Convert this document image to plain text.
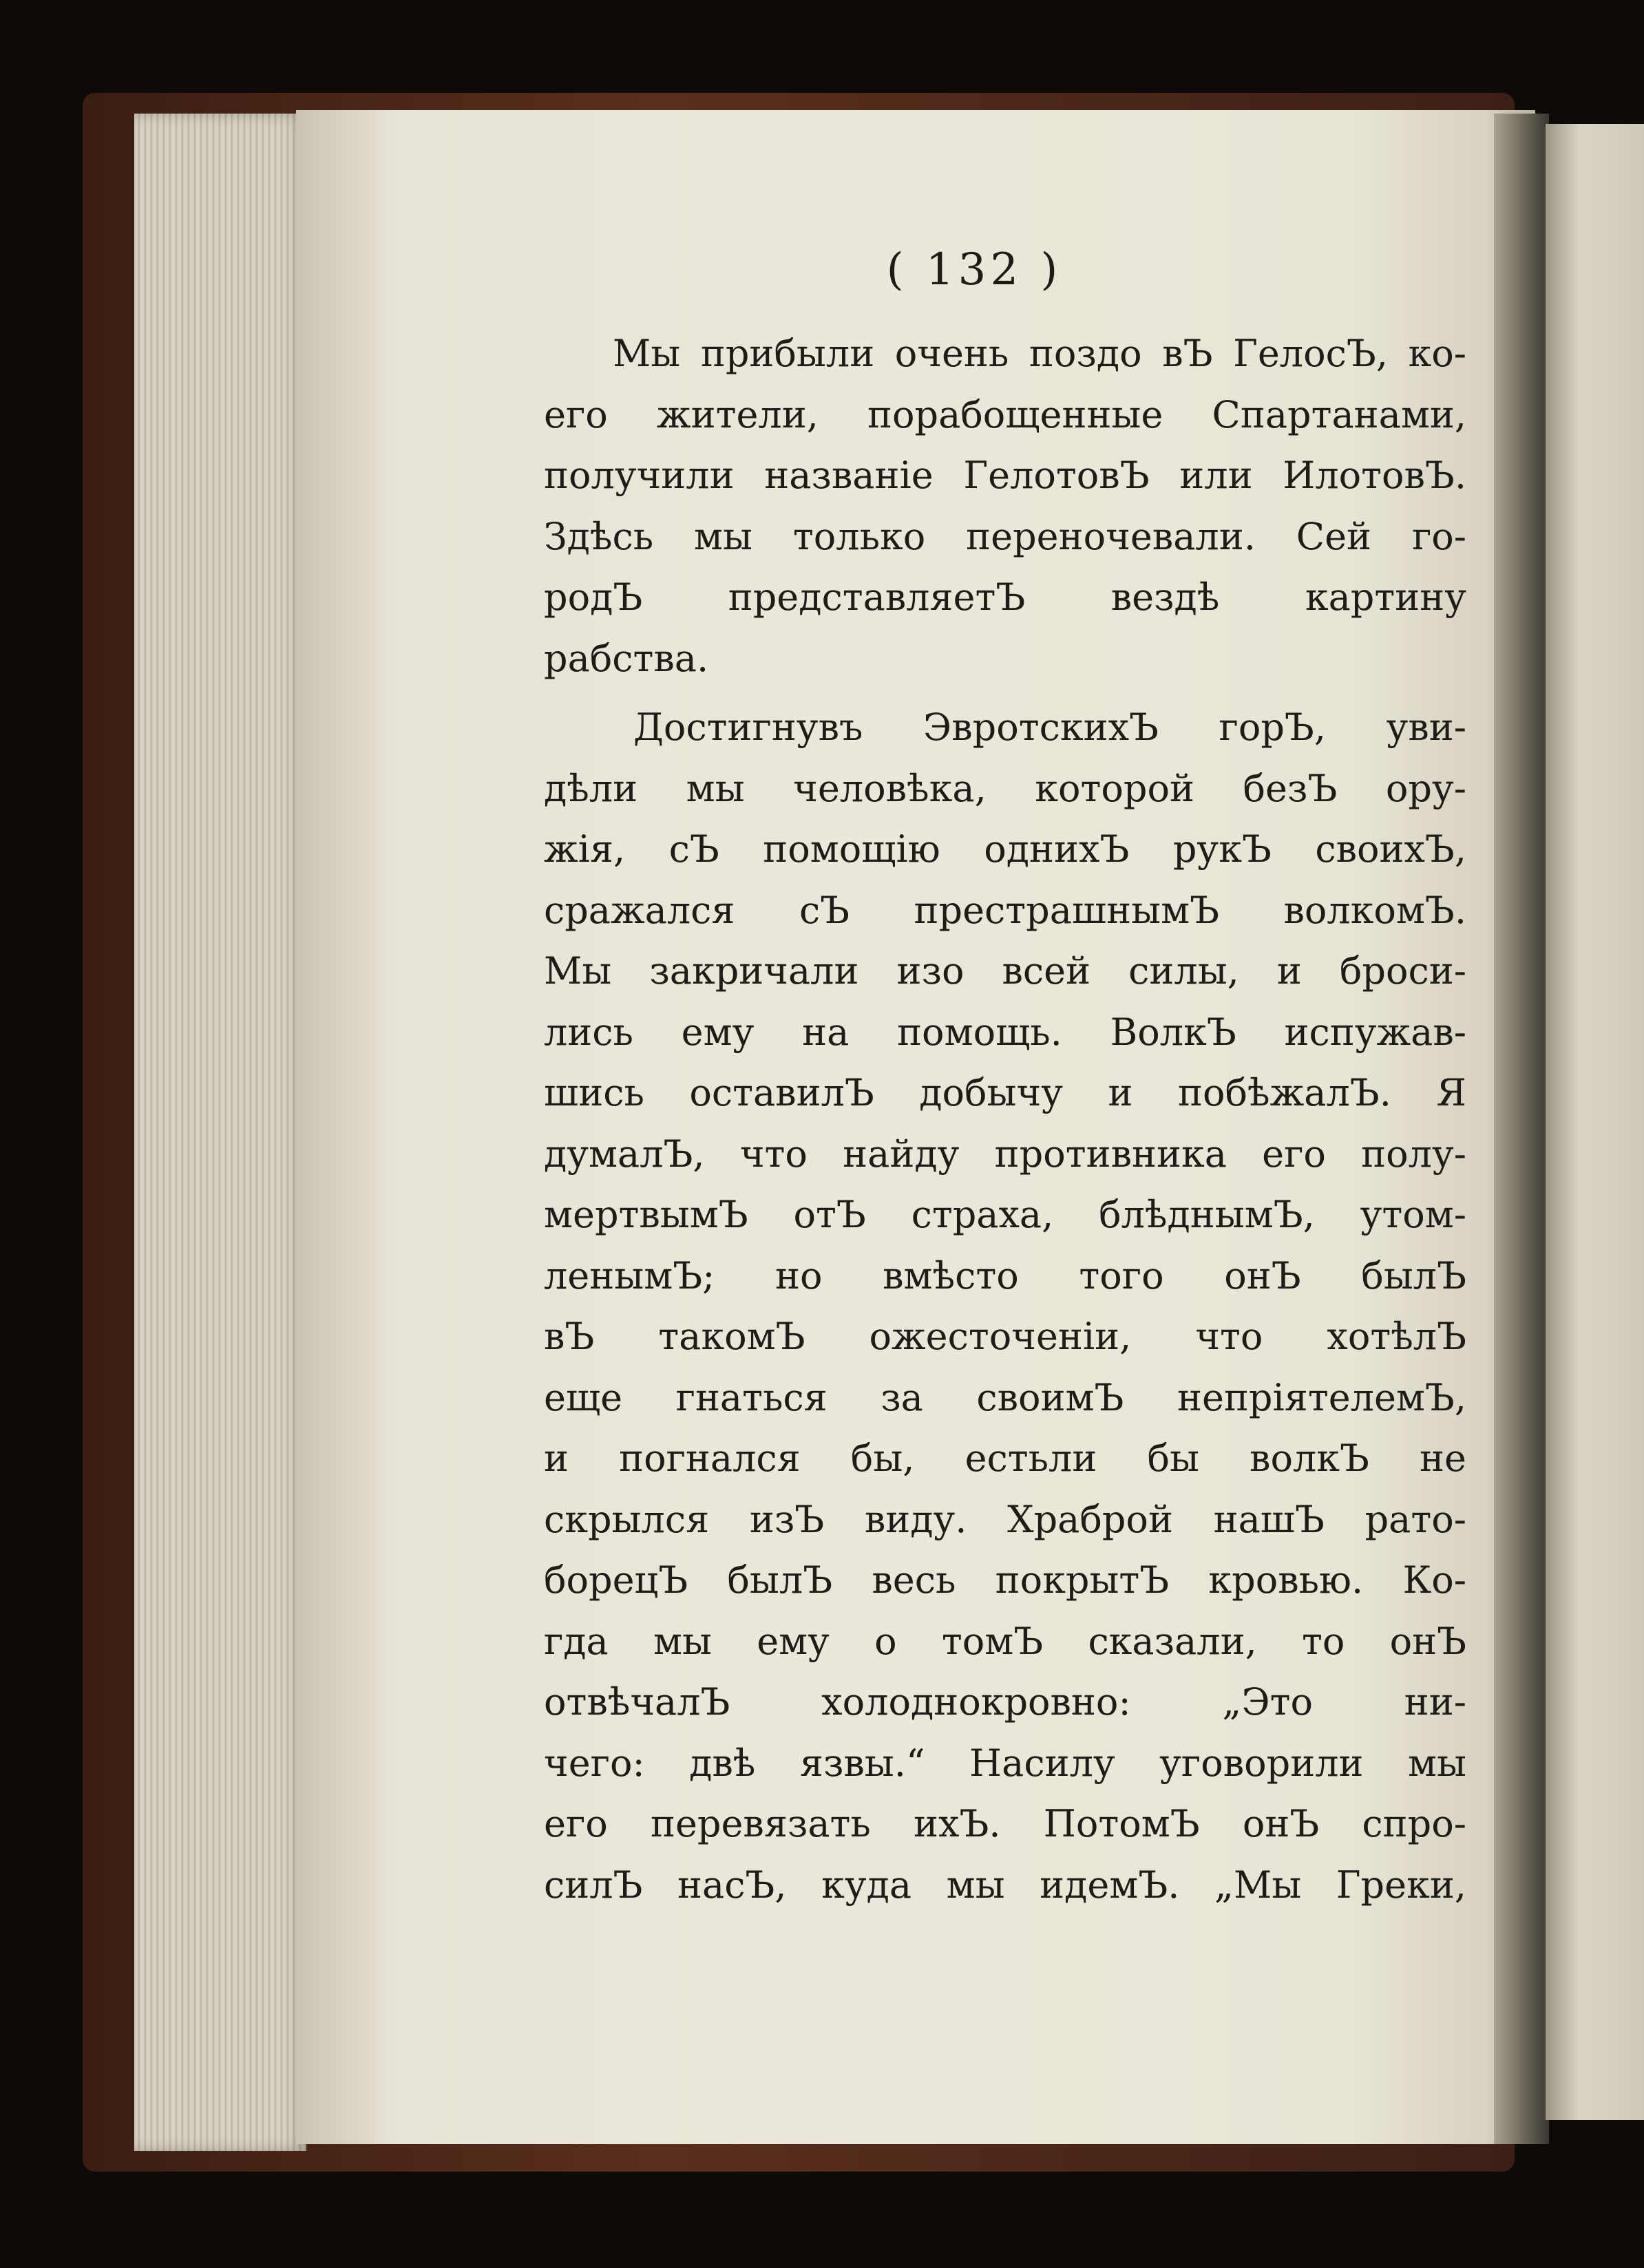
( 132 )
Мы прибыли очень поздо вЪ ГелосЪ, ко-
его жители, порабощенные Спартанами,
получили названіе ГелотовЪ или ИлотовЪ.
Здѣсь мы только переночевали. Сей го-
родЪ представляетЪ вездѣ картину
рабства.
Достигнувъ ЭвротскихЪ горЪ, уви-
дѣли мы человѣка, которой безЪ ору-
жія, сЪ помощію однихЪ рукЪ своихЪ,
сражался сЪ престрашнымЪ волкомЪ.
Мы закричали изо всей силы, и броси-
лись ему на помощь. ВолкЪ испужав-
шись оставилЪ добычу и побѣжалЪ. Я
думалЪ, что найду противника его полу-
мертвымЪ отЪ страха, блѣднымЪ, утом-
ленымЪ; но вмѣсто того онЪ былЪ
вЪ такомЪ ожесточеніи, что хотѣлЪ
еще гнаться за своимЪ непріятелемЪ,
и погнался бы, естьли бы волкЪ не
скрылся изЪ виду. Храброй нашЪ рато-
борецЪ былЪ весь покрытЪ кровью. Ко-
гда мы ему о томЪ сказали, то онЪ
отвѣчалЪ холоднокровно: „Это ни-
чего: двѣ язвы.“ Насилу уговорили мы
его перевязать ихЪ. ПотомЪ онЪ спро-
силЪ насЪ, куда мы идемЪ. „Мы Греки,
